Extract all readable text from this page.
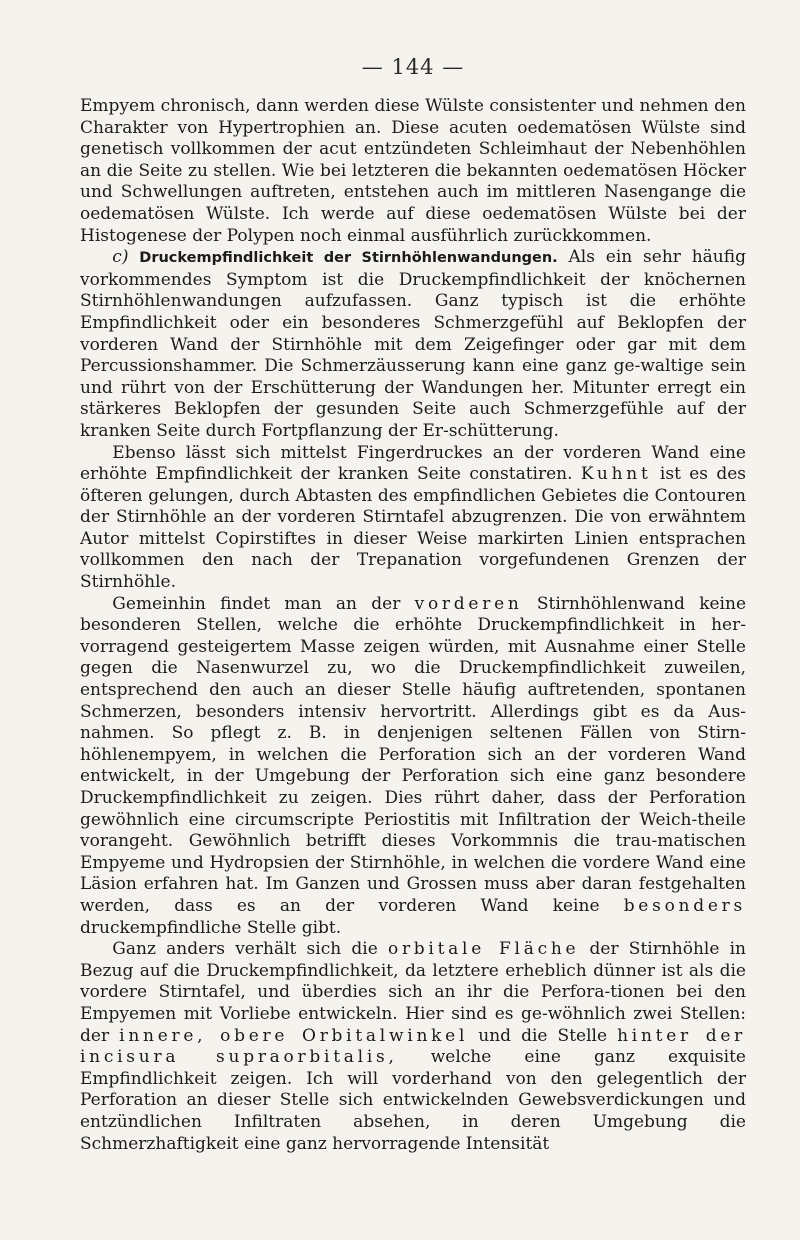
— 144 —

Empyem chronisch, dann werden diese Wülste consistenter und nehmen den Charakter von Hypertrophien an. Diese acuten oedematösen Wülste sind genetisch vollkommen der acut entzündeten Schleimhaut der Nebenhöhlen an die Seite zu stellen. Wie bei letzteren die bekannten oedematösen Höcker und Schwellungen auftreten, entstehen auch im mittleren Nasengange die oedematösen Wülste. Ich werde auf diese oedematösen Wülste bei der Histogenese der Polypen noch einmal ausführlich zurückkommen.

c) Druckempfindlichkeit der Stirnhöhlenwandungen. Als ein sehr häufig vorkommendes Symptom ist die Druckempfindlichkeit der knöchernen Stirnhöhlenwandungen aufzufassen. Ganz typisch ist die erhöhte Empfindlichkeit oder ein besonderes Schmerzgefühl auf Beklopfen der vorderen Wand der Stirnhöhle mit dem Zeigefinger oder gar mit dem Percussionshammer. Die Schmerzäusserung kann eine ganz ge-waltige sein und rührt von der Erschütterung der Wandungen her. Mitunter erregt ein stärkeres Beklopfen der gesunden Seite auch Schmerzgefühle auf der kranken Seite durch Fortpflanzung der Er-schütterung.

Ebenso lässt sich mittelst Fingerdruckes an der vorderen Wand eine erhöhte Empfindlichkeit der kranken Seite constatiren. Kuhnt ist es des öfteren gelungen, durch Abtasten des empfindlichen Gebietes die Contouren der Stirnhöhle an der vorderen Stirntafel abzugrenzen. Die von erwähntem Autor mittelst Copirstiftes in dieser Weise markirten Linien entsprachen vollkommen den nach der Trepanation vorgefundenen Grenzen der Stirnhöhle.

Gemeinhin findet man an der vorderen Stirnhöhlenwand keine besonderen Stellen, welche die erhöhte Druckempfindlichkeit in her-vorragend gesteigertem Masse zeigen würden, mit Ausnahme einer Stelle gegen die Nasenwurzel zu, wo die Druckempfindlichkeit zuweilen, entsprechend den auch an dieser Stelle häufig auftretenden, spontanen Schmerzen, besonders intensiv hervortritt. Allerdings gibt es da Aus-nahmen. So pflegt z. B. in denjenigen seltenen Fällen von Stirn-höhlenempyem, in welchen die Perforation sich an der vorderen Wand entwickelt, in der Umgebung der Perforation sich eine ganz besondere Druckempfindlichkeit zu zeigen. Dies rührt daher, dass der Perforation gewöhnlich eine circumscripte Periostitis mit Infiltration der Weich-theile vorangeht. Gewöhnlich betrifft dieses Vorkommnis die trau-matischen Empyeme und Hydropsien der Stirnhöhle, in welchen die vordere Wand eine Läsion erfahren hat. Im Ganzen und Grossen muss aber daran festgehalten werden, dass es an der vorderen Wand keine besonders druckempfindliche Stelle gibt.

Ganz anders verhält sich die orbitale Fläche der Stirnhöhle in Bezug auf die Druckempfindlichkeit, da letztere erheblich dünner ist als die vordere Stirntafel, und überdies sich an ihr die Perfora-tionen bei den Empyemen mit Vorliebe entwickeln. Hier sind es ge-wöhnlich zwei Stellen: der innere, obere Orbitalwinkel und die Stelle hinter der incisura supraorbitalis, welche eine ganz exquisite Empfindlichkeit zeigen. Ich will vorderhand von den gelegentlich der Perforation an dieser Stelle sich entwickelnden Gewebsverdickungen und entzündlichen Infiltraten absehen, in deren Umgebung die Schmerzhaftigkeit eine ganz hervorragende Intensität
